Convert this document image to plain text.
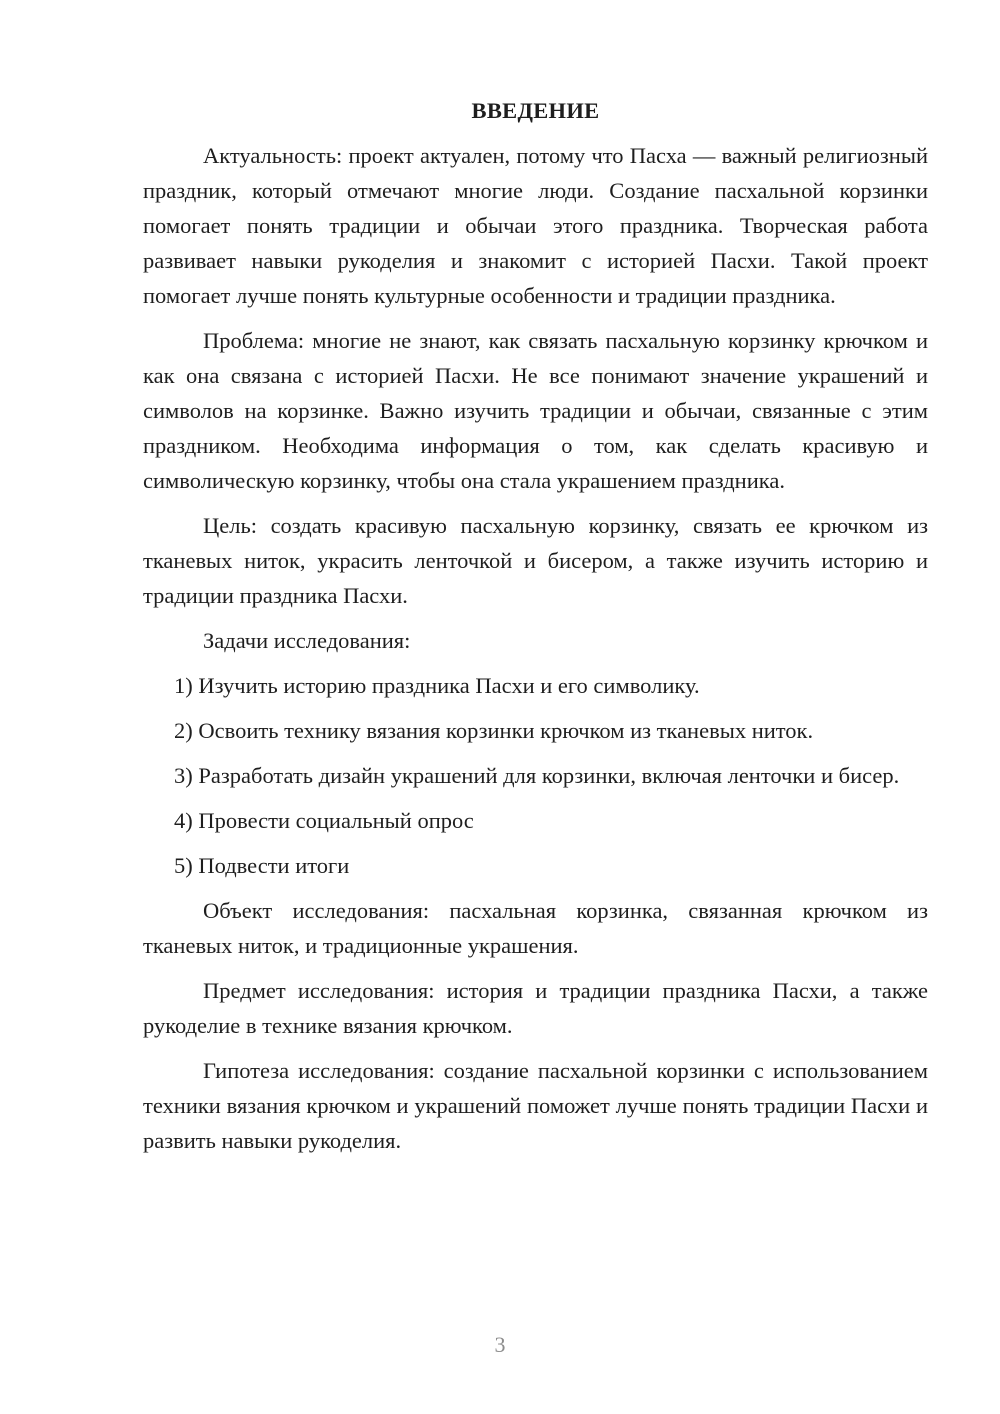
ВВЕДЕНИЕ

Актуальность: проект актуален, потому что Пасха — важный религиозный праздник, который отмечают многие люди. Создание пасхальной корзинки помогает понять традиции и обычаи этого праздника. Творческая работа развивает навыки рукоделия и знакомит с историей Пасхи. Такой проект помогает лучше понять культурные особенности и традиции праздника.

Проблема: многие не знают, как связать пасхальную корзинку крючком и как она связана с историей Пасхи. Не все понимают значение украшений и символов на корзинке. Важно изучить традиции и обычаи, связанные с этим праздником. Необходима информация о том, как сделать красивую и символическую корзинку, чтобы она стала украшением праздника.

Цель: создать красивую пасхальную корзинку, связать ее крючком из тканевых ниток, украсить ленточкой и бисером, а также изучить историю и традиции праздника Пасхи.

Задачи исследования:

1) Изучить историю праздника Пасхи и его символику.

2) Освоить технику вязания корзинки крючком из тканевых ниток.

3) Разработать дизайн украшений для корзинки, включая ленточки и бисер.

4) Провести социальный опрос

5) Подвести итоги

Объект исследования: пасхальная корзинка, связанная крючком из тканевых ниток, и традиционные украшения.

Предмет исследования: история и традиции праздника Пасхи, а также рукоделие в технике вязания крючком.

Гипотеза исследования: создание пасхальной корзинки с использованием техники вязания крючком и украшений поможет лучше понять традиции Пасхи и развить навыки рукоделия.

3
